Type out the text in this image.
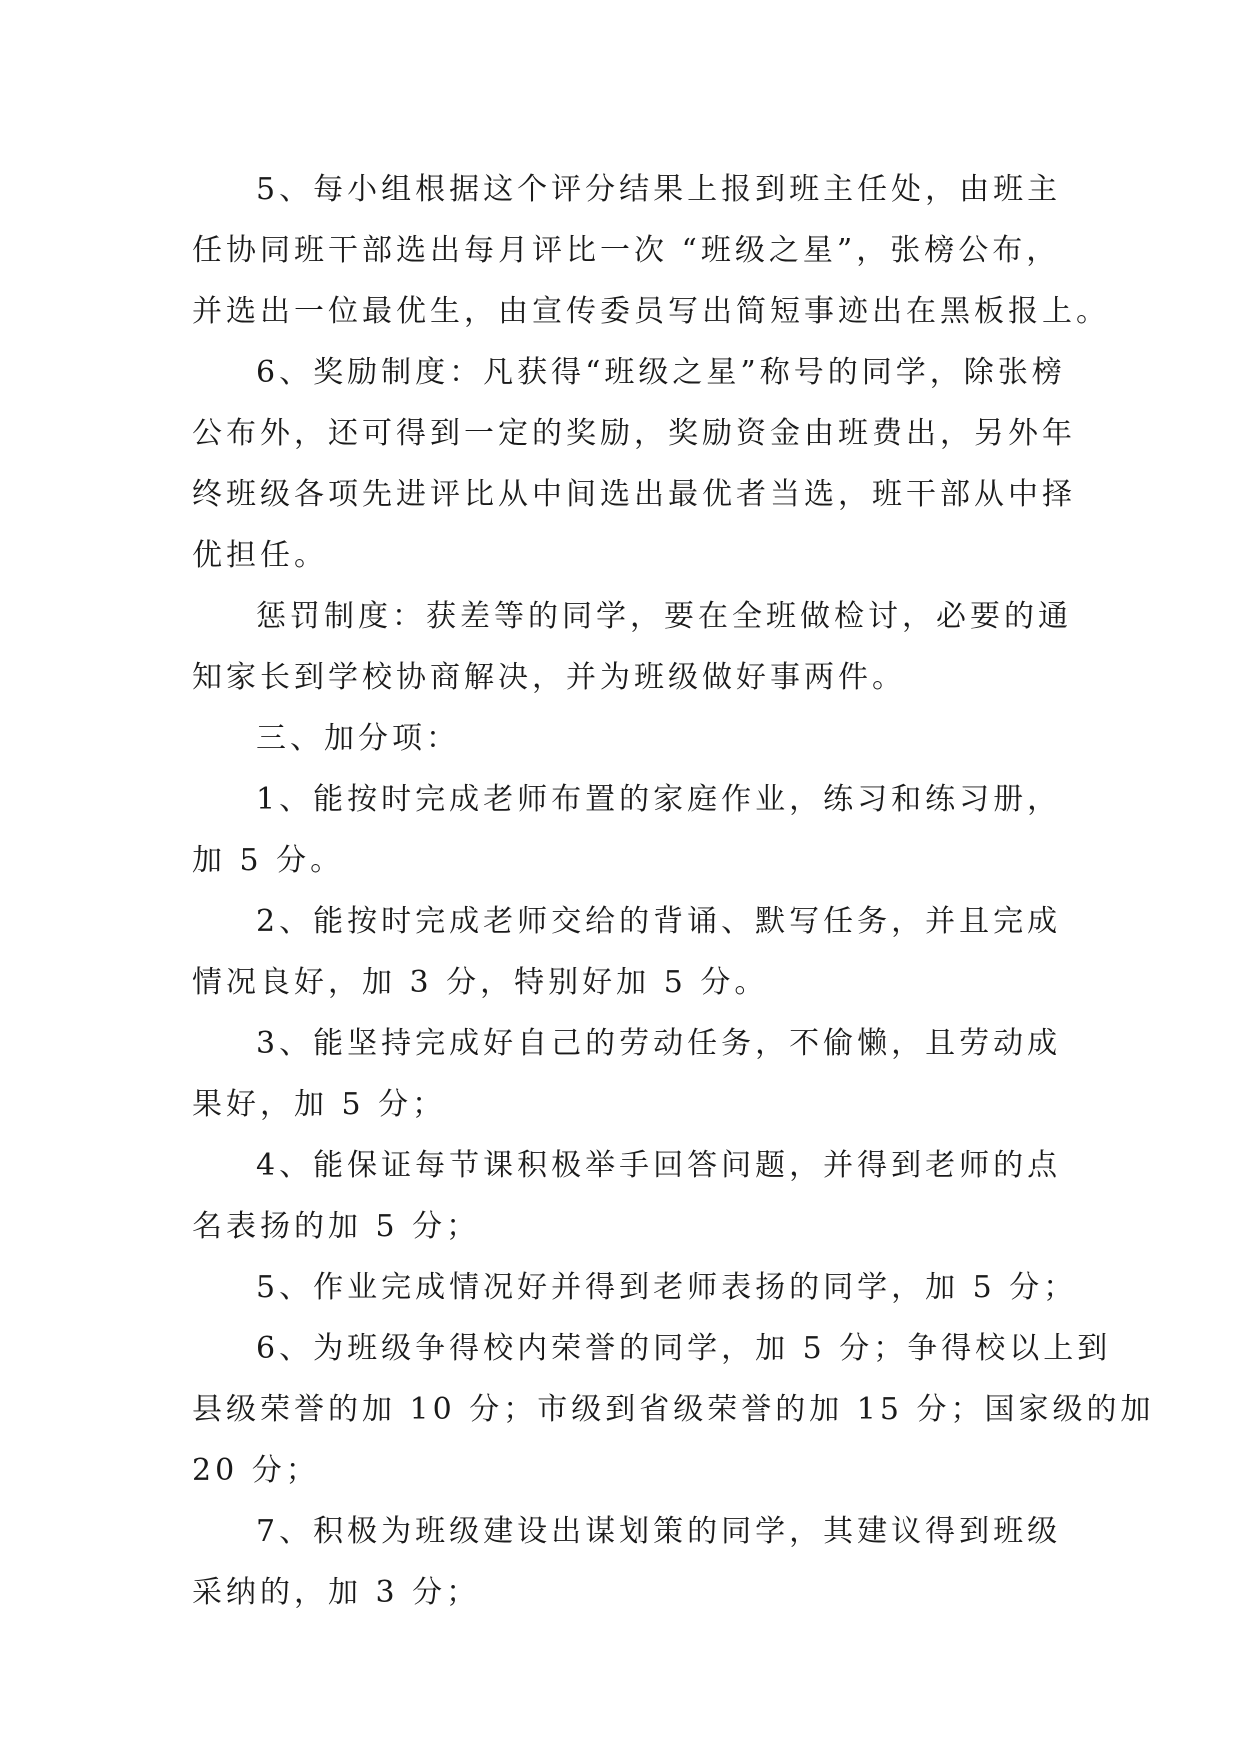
5、每小组根据这个评分结果上报到班主任处，由班主
任协同班干部选出每月评比一次 “班级之星”，张榜公布，
并选出一位最优生，由宣传委员写出简短事迹出在黑板报上。
6、奖励制度：凡获得“班级之星”称号的同学，除张榜
公布外，还可得到一定的奖励，奖励资金由班费出，另外年
终班级各项先进评比从中间选出最优者当选，班干部从中择
优担任。
惩罚制度：获差等的同学，要在全班做检讨，必要的通
知家长到学校协商解决，并为班级做好事两件。
三、加分项：
1、能按时完成老师布置的家庭作业，练习和练习册，
加 5 分。
2、能按时完成老师交给的背诵、默写任务，并且完成
情况良好，加 3 分，特别好加 5 分。
3、能坚持完成好自己的劳动任务，不偷懒，且劳动成
果好，加 5 分；
4、能保证每节课积极举手回答问题，并得到老师的点
名表扬的加 5 分；
5、作业完成情况好并得到老师表扬的同学，加 5 分；
6、为班级争得校内荣誉的同学，加 5 分；争得校以上到
县级荣誉的加 10 分；市级到省级荣誉的加 15 分；国家级的加
20 分；
7、积极为班级建设出谋划策的同学，其建议得到班级
采纳的，加 3 分；
